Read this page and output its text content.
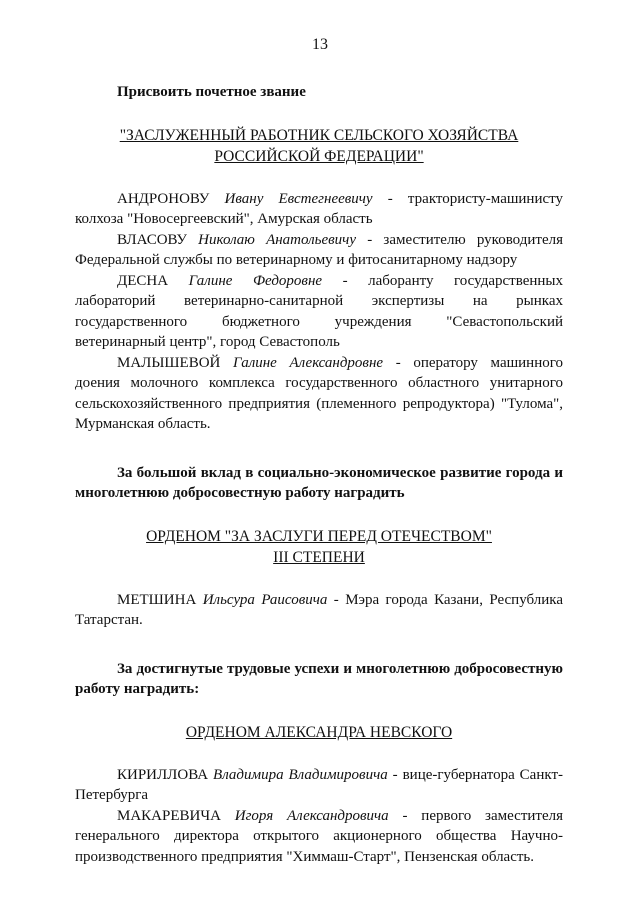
13

Присвоить почетное звание

"ЗАСЛУЖЕННЫЙ РАБОТНИК СЕЛЬСКОГО ХОЗЯЙСТВА

РОССИЙСКОЙ ФЕДЕРАЦИИ"

АНДРОНОВУ Ивану Евстегнеевичу - трактористу-машинисту колхоза "Новосергеевский", Амурская область

ВЛАСОВУ Николаю Анатольевичу - заместителю руководителя Федеральной службы по ветеринарному и фитосанитарному надзору

ДЕСНА Галине Федоровне - лаборанту государственных лабораторий ветеринарно-санитарной экспертизы на рынках государственного бюджетного учреждения "Севастопольский ветеринарный центр", город Севастополь

МАЛЫШЕВОЙ Галине Александровне - оператору машинного доения молочного комплекса государственного областного унитарного сельскохозяйственного предприятия (племенного репродуктора) "Тулома", Мурманская область.

За большой вклад в социально-экономическое развитие города и многолетнюю добросовестную работу наградить

ОРДЕНОМ "ЗА ЗАСЛУГИ ПЕРЕД ОТЕЧЕСТВОМ"

III СТЕПЕНИ

МЕТШИНА Ильсура Раисовича - Мэра города Казани, Республика Татарстан.

За достигнутые трудовые успехи и многолетнюю добросовестную работу наградить:

ОРДЕНОМ АЛЕКСАНДРА НЕВСКОГО

КИРИЛЛОВА Владимира Владимировича - вице-губернатора Санкт-Петербурга

МАКАРЕВИЧА Игоря Александровича - первого заместителя генерального директора открытого акционерного общества Научно-производственного предприятия "Химмаш-Старт", Пензенская область.
